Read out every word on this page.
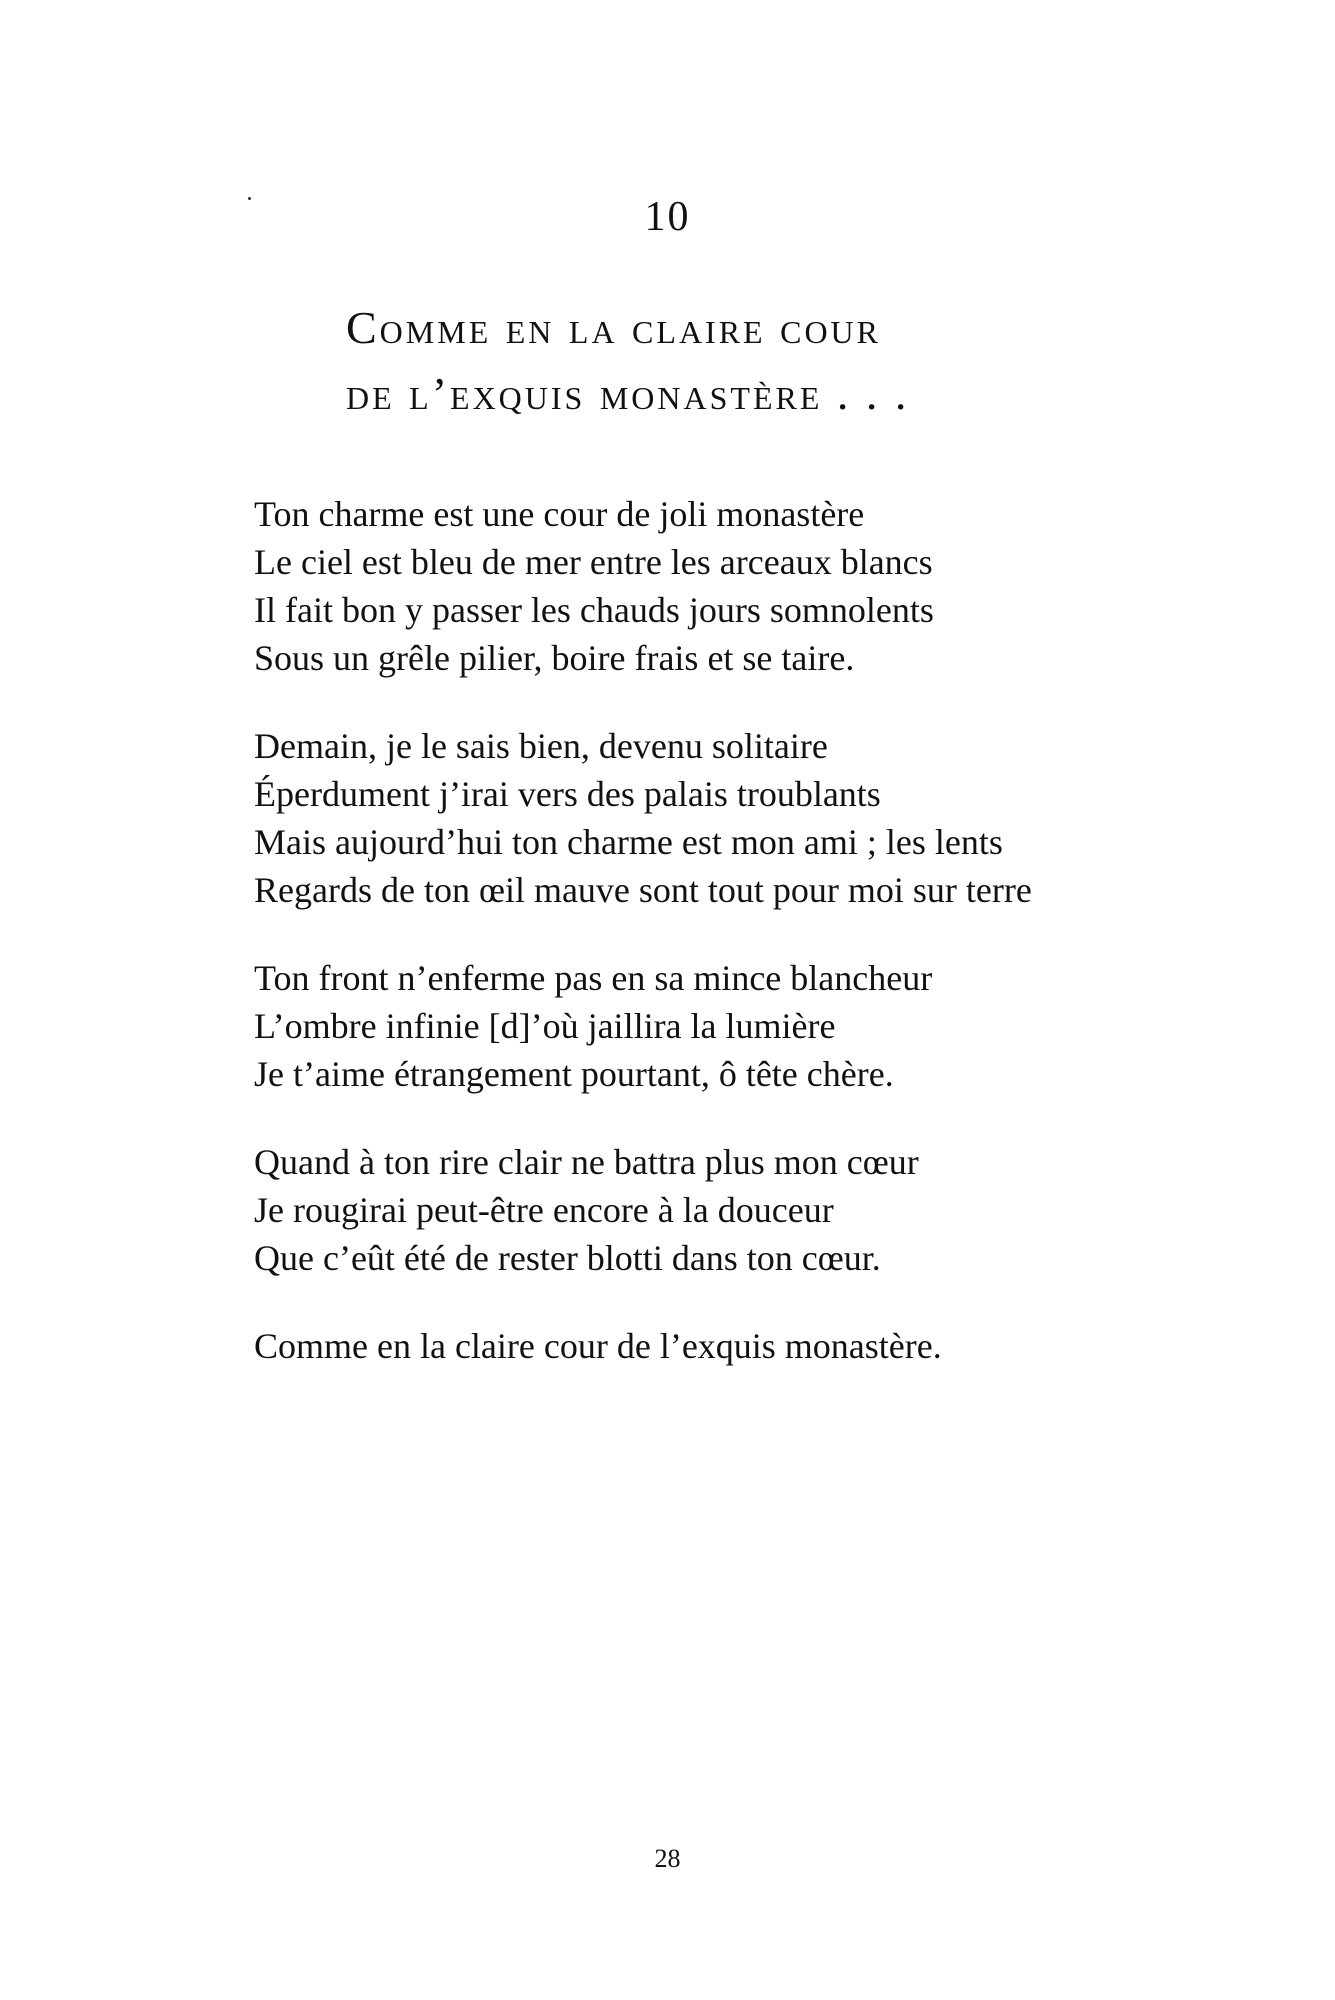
10
Comme en la claire cour
de l’exquis monastère . . .

Ton charme est une cour de joli monastère
Le ciel est bleu de mer entre les arceaux blancs
Il fait bon y passer les chauds jours somnolents
Sous un grêle pilier, boire frais et se taire.

Demain, je le sais bien, devenu solitaire
Éperdument j’irai vers des palais troublants
Mais aujourd’hui ton charme est mon ami ; les lents
Regards de ton œil mauve sont tout pour moi sur terre

Ton front n’enferme pas en sa mince blancheur
L’ombre infinie [d]’où jaillira la lumière
Je t’aime étrangement pourtant, ô tête chère.

Quand à ton rire clair ne battra plus mon cœur
Je rougirai peut-être encore à la douceur
Que c’eût été de rester blotti dans ton cœur.

Comme en la claire cour de l’exquis monastère.

28
